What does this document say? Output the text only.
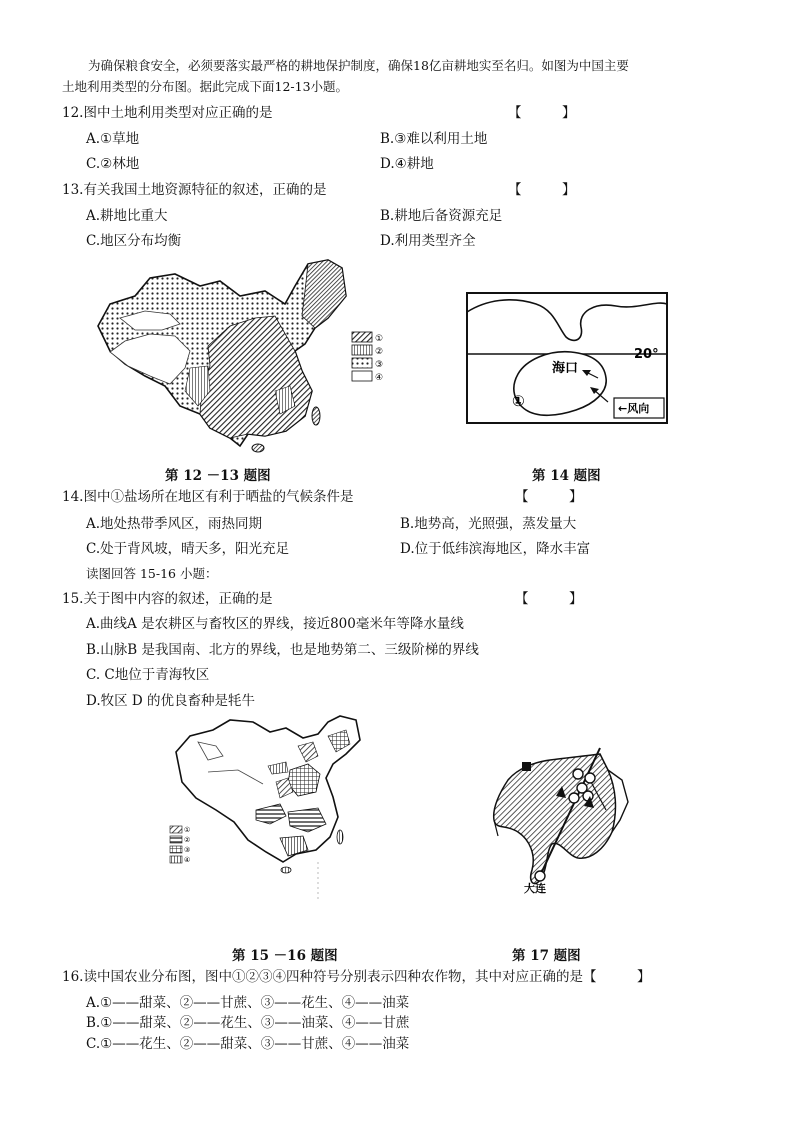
为确保粮食安全，必须要落实最严格的耕地保护制度，确保18亿亩耕地实至名归。如图为中国主要
土地利用类型的分布图。据此完成下面12-13小题。
12.图中土地利用类型对应正确的是	【　　　】
A.①草地	B.③难以利用土地
C.②林地	D.④耕地
13.有关我国土地资源特征的叙述，正确的是	【　　　】
A.耕地比重大	B.耕地后备资源充足
C.地区分布均衡	D.利用类型齐全
①
②
③
④
第 12 －13 题图
20°
海口
①	←风向
第 14 题图
14.图中①盐场所在地区有利于晒盐的气候条件是	【　　　】
A.地处热带季风区，雨热同期	B.地势高，光照强，蒸发量大
C.处于背风坡，晴天多，阳光充足	D.位于低纬滨海地区，降水丰富
读图回答 15-16 小题：
15.关于图中内容的叙述，正确的是	【　　　】
A.曲线A 是农耕区与畜牧区的界线，接近800毫米年等降水量线
B.山脉B 是我国南、北方的界线，也是地势第二、三级阶梯的界线
C. C地位于青海牧区
D.牧区 D 的优良畜种是牦牛
①
②
③
④
第 15 －16 题图
大连
第 17 题图
16.读中国农业分布图，图中①②③④四种符号分别表示四种农作物，其中对应正确的是【　　　】
A.①——甜菜、②——甘蔗、③——花生、④——油菜
B.①——甜菜、②——花生、③——油菜、④——甘蔗
C.①——花生、②——甜菜、③——甘蔗、④——油菜
